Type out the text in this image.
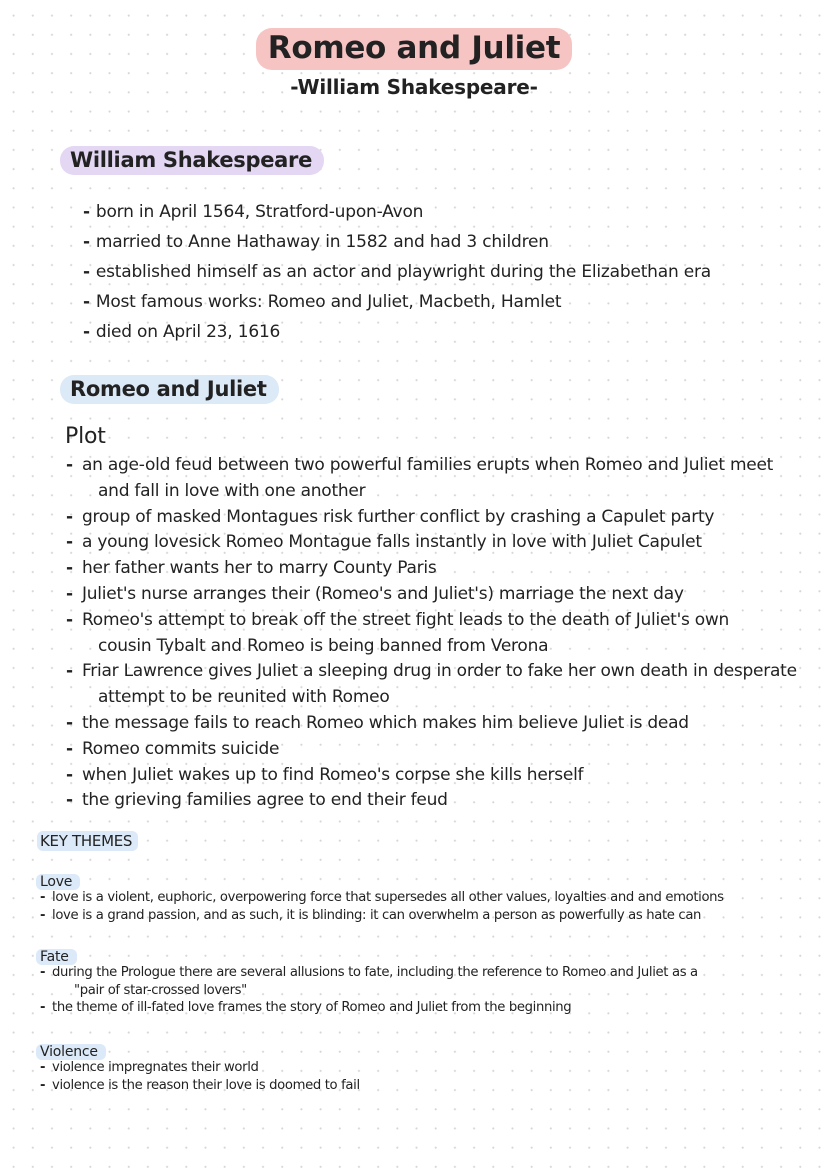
Romeo and Juliet
-William Shakespeare-
William Shakespeare
- born in April 1564, Stratford-upon-Avon
- married to Anne Hathaway in 1582 and had 3 children
- established himself as an actor and playwright during the Elizabethan era
- Most famous works: Romeo and Juliet, Macbeth, Hamlet
- died on April 23, 1616
Romeo and Juliet
Plot
- an age-old feud between two powerful families erupts when Romeo and Juliet meet
and fall in love with one another
- group of masked Montagues risk further conflict by crashing a Capulet party
- a young lovesick Romeo Montague falls instantly in love with Juliet Capulet
- her father wants her to marry County Paris
- Juliet's nurse arranges their (Romeo's and Juliet's) marriage the next day
- Romeo's attempt to break off the street fight leads to the death of Juliet's own
cousin Tybalt and Romeo is being banned from Verona
- Friar Lawrence gives Juliet a sleeping drug in order to fake her own death in desperate
attempt to be reunited with Romeo
- the message fails to reach Romeo which makes him believe Juliet is dead
- Romeo commits suicide
- when Juliet wakes up to find Romeo's corpse she kills herself
- the grieving families agree to end their feud
KEY THEMES
Love
- love is a violent, euphoric, overpowering force that supersedes all other values, loyalties and and emotions
- love is a grand passion, and as such, it is blinding: it can overwhelm a person as powerfully as hate can
Fate
- during the Prologue there are several allusions to fate, including the reference to Romeo and Juliet as a
"pair of star-crossed lovers"
- the theme of ill-fated love frames the story of Romeo and Juliet from the beginning
Violence
- violence impregnates their world
- violence is the reason their love is doomed to fail
